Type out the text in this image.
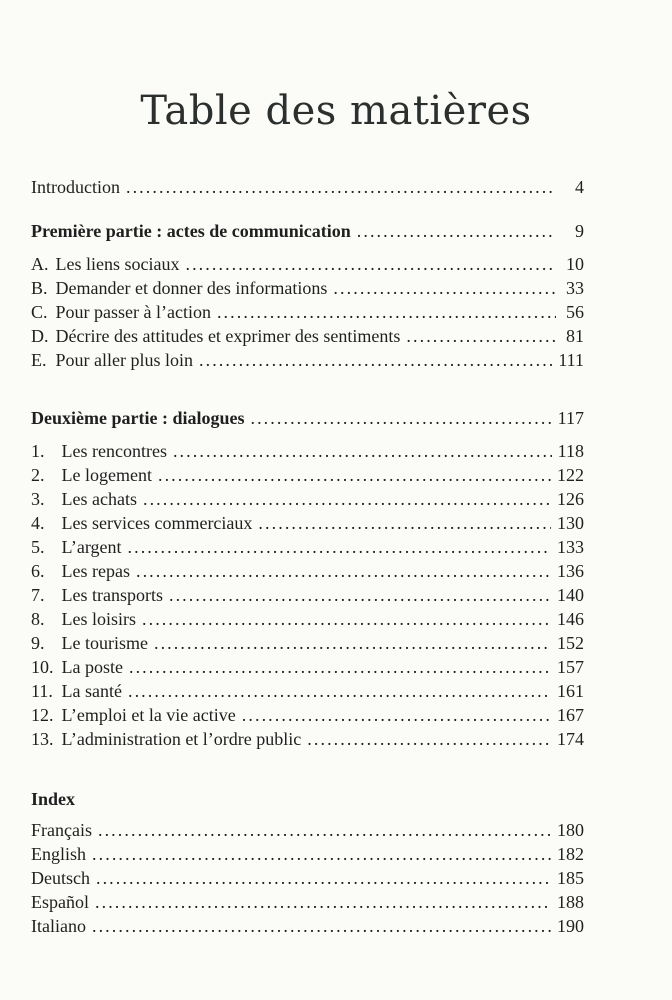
Table des matières
Introduction . . .	4
Première partie : actes de communication . . .	9
A. Les liens sociaux . . .	10
B. Demander et donner des informations . . .	33
C. Pour passer à l’action . . .	56
D. Décrire des attitudes et exprimer des sentiments . . .	81
E. Pour aller plus loin . . .	111
Deuxième partie : dialogues . . .	117
1. Les rencontres . . .	118
2. Le logement . . .	122
3. Les achats . . .	126
4. Les services commerciaux . . .	130
5. L’argent . . .	133
6. Les repas . . .	136
7. Les transports . . .	140
8. Les loisirs . . .	146
9. Le tourisme . . .	152
10. La poste . . .	157
11. La santé . . .	161
12. L’emploi et la vie active . . .	167
13. L’administration et l’ordre public . . .	174
Index
Français . . .	180
English . . .	182
Deutsch . . .	185
Español . . .	188
Italiano . . .	190
